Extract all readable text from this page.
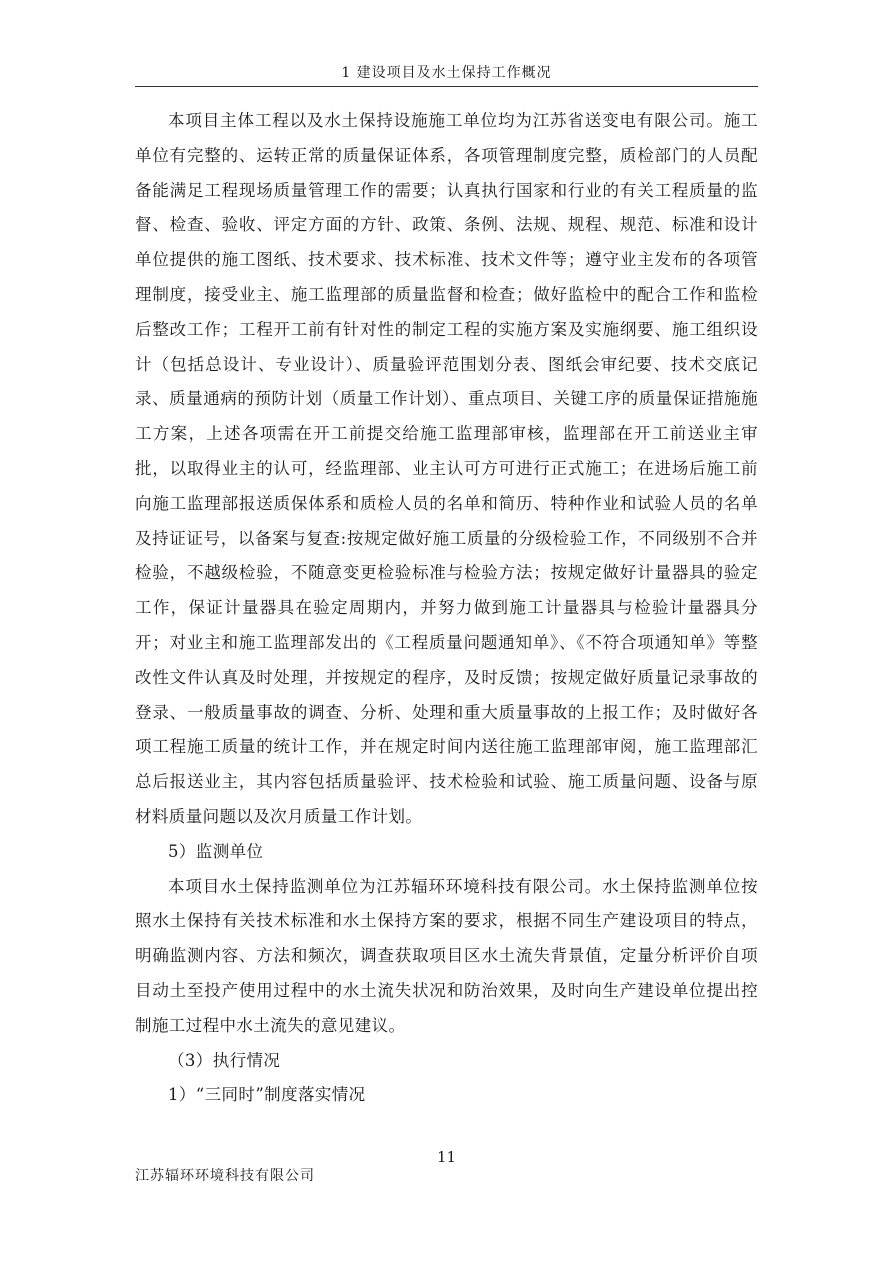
1 建设项目及水土保持工作概况

本项目主体工程以及水土保持设施施工单位均为江苏省送变电有限公司。施工单位有完整的、运转正常的质量保证体系，各项管理制度完整，质检部门的人员配备能满足工程现场质量管理工作的需要；认真执行国家和行业的有关工程质量的监督、检查、验收、评定方面的方针、政策、条例、法规、规程、规范、标准和设计单位提供的施工图纸、技术要求、技术标准、技术文件等；遵守业主发布的各项管理制度，接受业主、施工监理部的质量监督和检查；做好监检中的配合工作和监检后整改工作；工程开工前有针对性的制定工程的实施方案及实施纲要、施工组织设计（包括总设计、专业设计）、质量验评范围划分表、图纸会审纪要、技术交底记录、质量通病的预防计划（质量工作计划）、重点项目、关键工序的质量保证措施施工方案，上述各项需在开工前提交给施工监理部审核，监理部在开工前送业主审批，以取得业主的认可，经监理部、业主认可方可进行正式施工；在进场后施工前向施工监理部报送质保体系和质检人员的名单和简历、特种作业和试验人员的名单及持证证号，以备案与复查:按规定做好施工质量的分级检验工作，不同级别不合并检验，不越级检验，不随意变更检验标准与检验方法；按规定做好计量器具的验定工作，保证计量器具在验定周期内，并努力做到施工计量器具与检验计量器具分开；对业主和施工监理部发出的《工程质量问题通知单》、《不符合项通知单》等整改性文件认真及时处理，并按规定的程序，及时反馈；按规定做好质量记录事故的登录、一般质量事故的调查、分析、处理和重大质量事故的上报工作；及时做好各项工程施工质量的统计工作，并在规定时间内送往施工监理部审阅，施工监理部汇总后报送业主，其内容包括质量验评、技术检验和试验、施工质量问题、设备与原材料质量问题以及次月质量工作计划。

5）监测单位

本项目水土保持监测单位为江苏辐环环境科技有限公司。水土保持监测单位按照水土保持有关技术标准和水土保持方案的要求，根据不同生产建设项目的特点，明确监测内容、方法和频次，调查获取项目区水土流失背景值，定量分析评价自项目动土至投产使用过程中的水土流失状况和防治效果，及时向生产建设单位提出控制施工过程中水土流失的意见建议。

（3）执行情况

1）“三同时”制度落实情况

11
江苏辐环环境科技有限公司
